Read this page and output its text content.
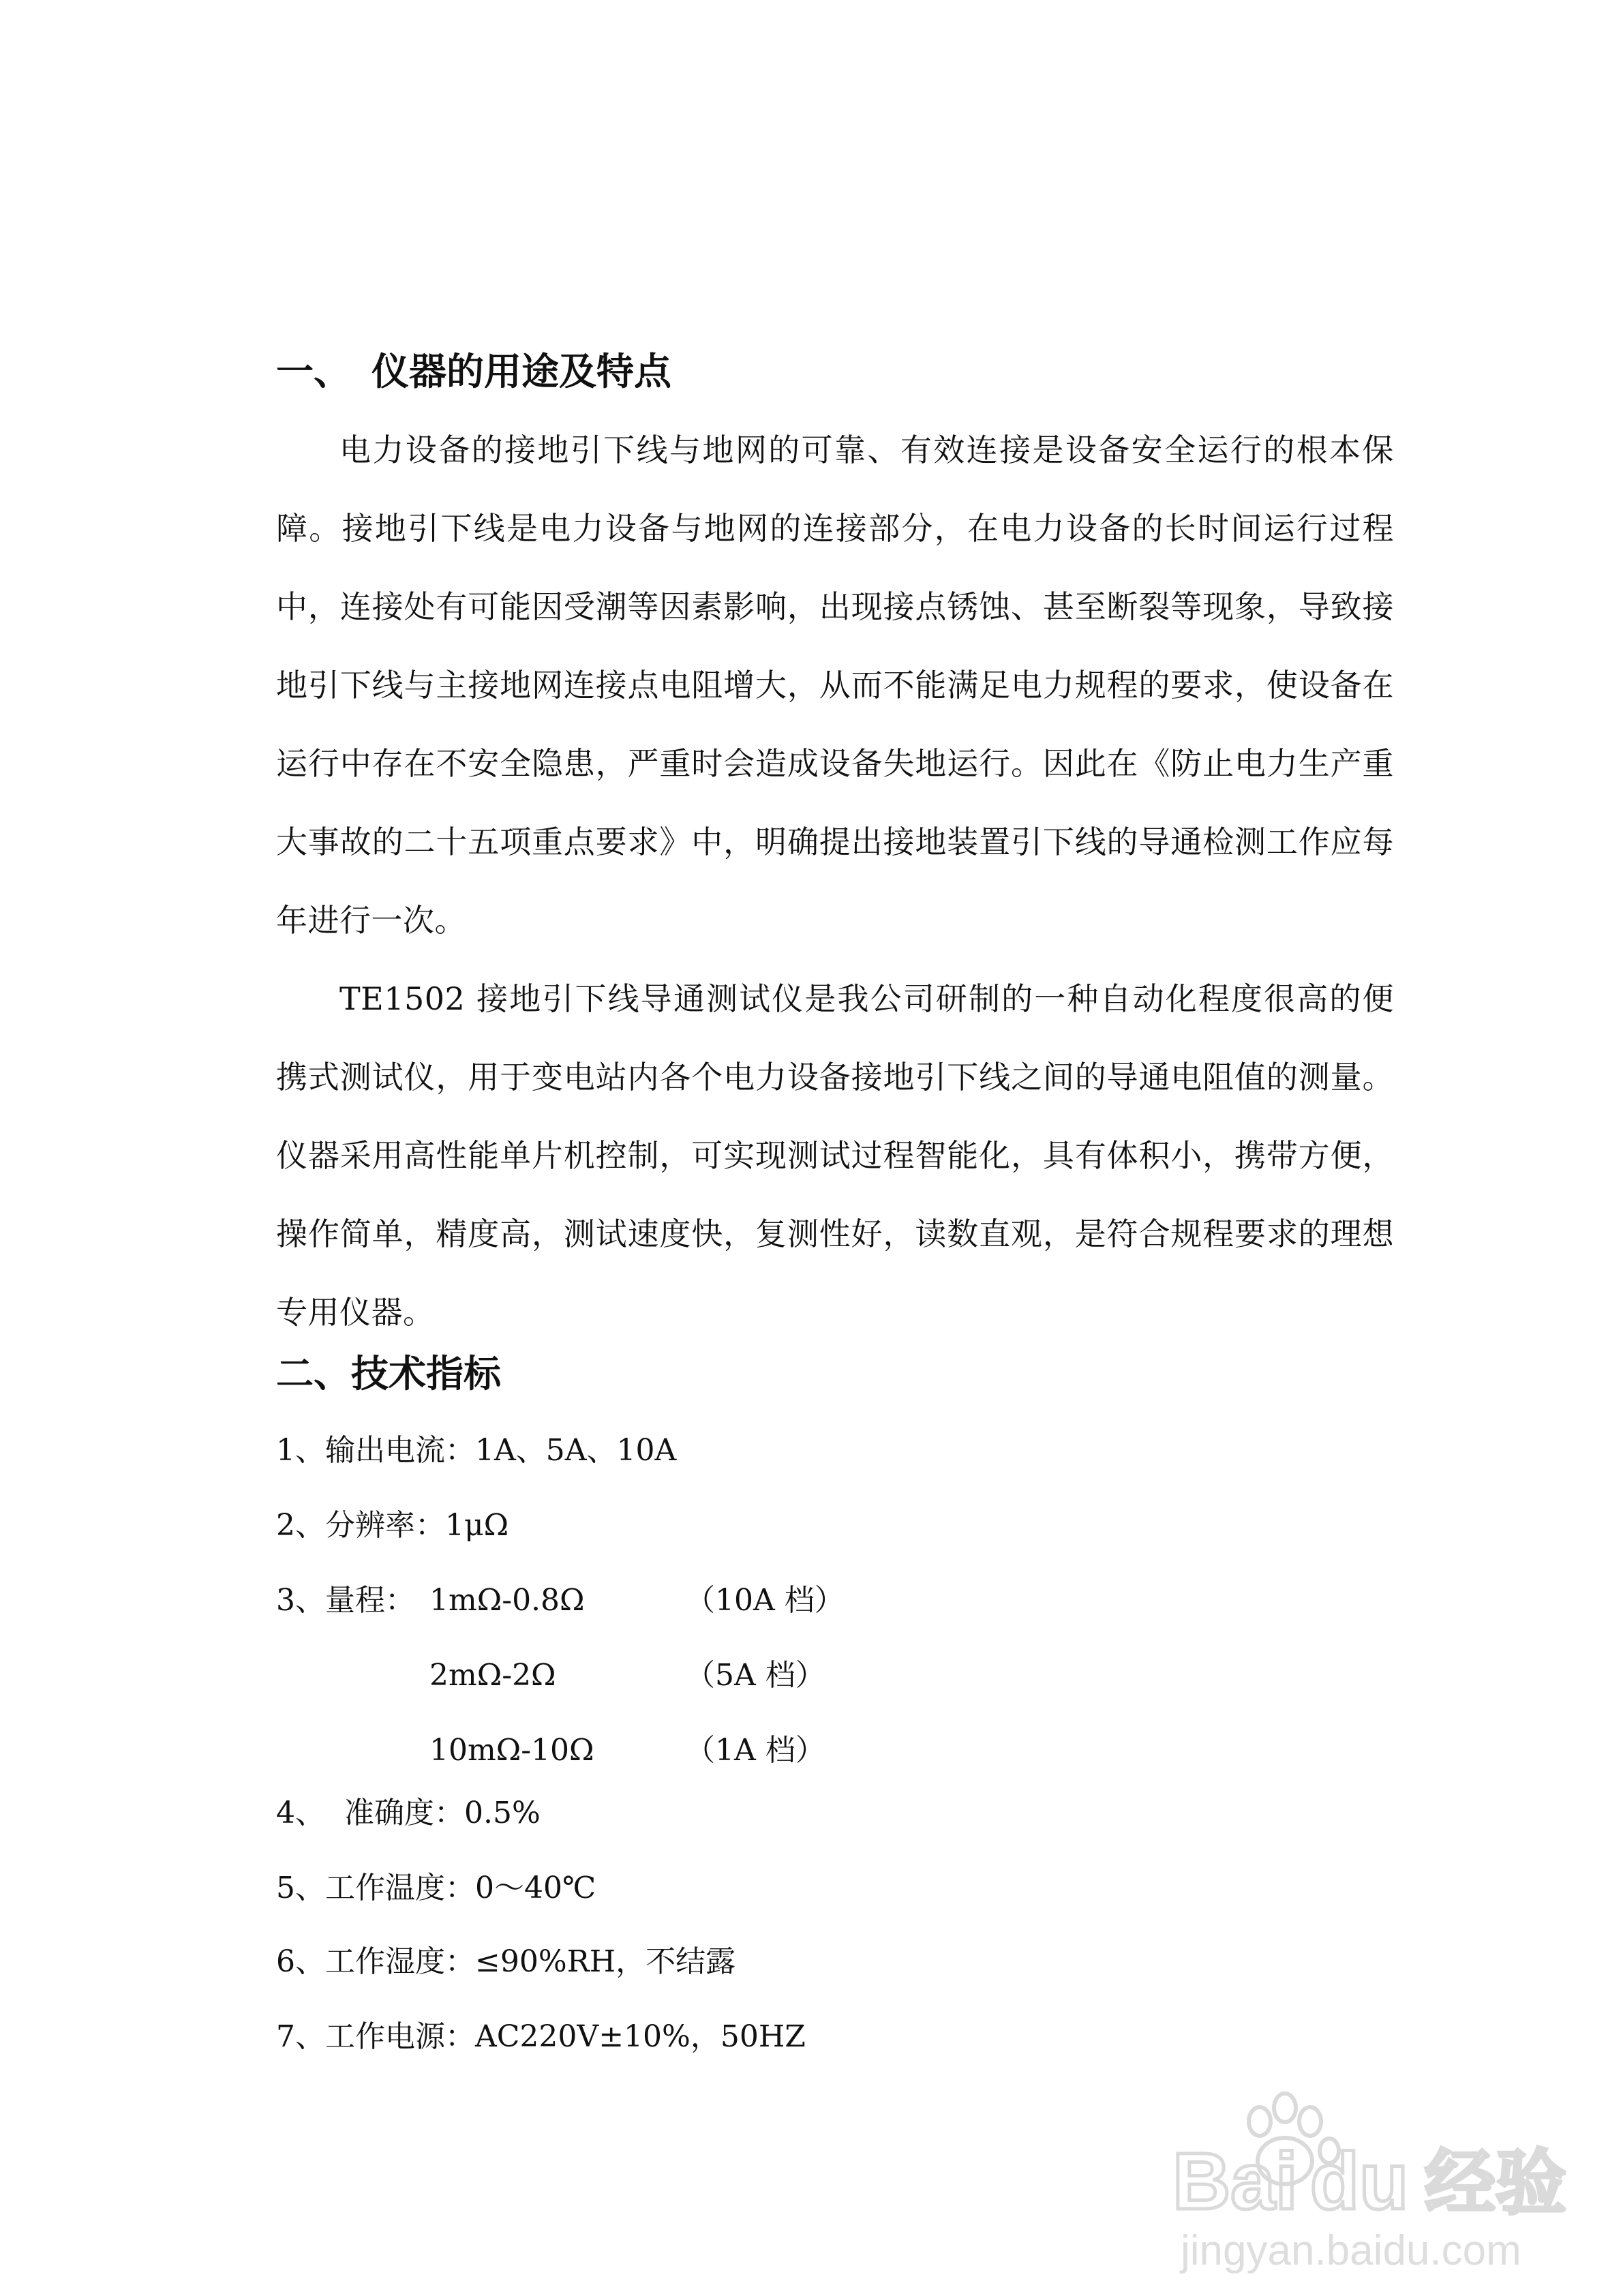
一、 仪器的用途及特点

电力设备的接地引下线与地网的可靠、有效连接是设备安全运行的根本保障。接地引下线是电力设备与地网的连接部分，在电力设备的长时间运行过程中，连接处有可能因受潮等因素影响，出现接点锈蚀、甚至断裂等现象，导致接地引下线与主接地网连接点电阻增大，从而不能满足电力规程的要求，使设备在运行中存在不安全隐患，严重时会造成设备失地运行。因此在《防止电力生产重大事故的二十五项重点要求》中，明确提出接地装置引下线的导通检测工作应每年进行一次。

TE1502 接地引下线导通测试仪是我公司研制的一种自动化程度很高的便携式测试仪，用于变电站内各个电力设备接地引下线之间的导通电阻值的测量。仪器采用高性能单片机控制，可实现测试过程智能化，具有体积小，携带方便，操作简单，精度高，测试速度快，复测性好，读数直观，是符合规程要求的理想专用仪器。

二、技术指标
1、输出电流：1A、5A、10A
2、分辨率：1μΩ
3、量程： 1mΩ-0.8Ω	（10A 档）
2mΩ-2Ω	（5A 档）
10mΩ-10Ω	（1A 档）
4、  准确度：0.5%
5、工作温度：0～40℃
6、工作湿度：≤90%RH，不结露
7、工作电源：AC220V±10%，50HZ
Bai du 经验
jingyan.baidu.com
